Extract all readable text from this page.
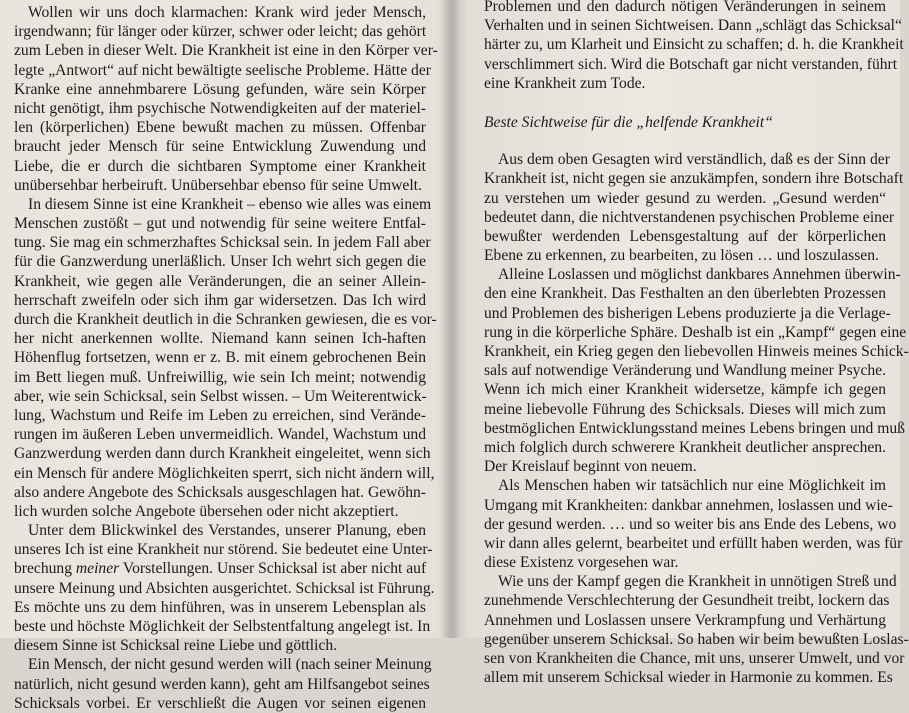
Wollen wir uns doch klarmachen: Krank wird jeder Mensch,
irgendwann; für länger oder kürzer, schwer oder leicht; das gehört
zum Leben in dieser Welt. Die Krankheit ist eine in den Körper ver-
legte „Antwort“ auf nicht bewältigte seelische Probleme. Hätte der
Kranke eine annehmbarere Lösung gefunden, wäre sein Körper
nicht genötigt, ihm psychische Notwendigkeiten auf der materiel-
len (körperlichen) Ebene bewußt machen zu müssen. Offenbar
braucht jeder Mensch für seine Entwicklung Zuwendung und
Liebe, die er durch die sichtbaren Symptome einer Krankheit
unübersehbar herbeiruft. Unübersehbar ebenso für seine Umwelt.
In diesem Sinne ist eine Krankheit – ebenso wie alles was einem
Menschen zustößt – gut und notwendig für seine weitere Entfal-
tung. Sie mag ein schmerzhaftes Schicksal sein. In jedem Fall aber
für die Ganzwerdung unerläßlich. Unser Ich wehrt sich gegen die
Krankheit, wie gegen alle Veränderungen, die an seiner Allein-
herrschaft zweifeln oder sich ihm gar widersetzen. Das Ich wird
durch die Krankheit deutlich in die Schranken gewiesen, die es vor-
her nicht anerkennen wollte. Niemand kann seinen Ich-haften
Höhenflug fortsetzen, wenn er z. B. mit einem gebrochenen Bein
im Bett liegen muß. Unfreiwillig, wie sein Ich meint; notwendig
aber, wie sein Schicksal, sein Selbst wissen. – Um Weiterentwick-
lung, Wachstum und Reife im Leben zu erreichen, sind Verände-
rungen im äußeren Leben unvermeidlich. Wandel, Wachstum und
Ganzwerdung werden dann durch Krankheit eingeleitet, wenn sich
ein Mensch für andere Möglichkeiten sperrt, sich nicht ändern will,
also andere Angebote des Schicksals ausgeschlagen hat. Gewöhn-
lich wurden solche Angebote übersehen oder nicht akzeptiert.
Unter dem Blickwinkel des Verstandes, unserer Planung, eben
unseres Ich ist eine Krankheit nur störend. Sie bedeutet eine Unter-
brechung meiner Vorstellungen. Unser Schicksal ist aber nicht auf
unsere Meinung und Absichten ausgerichtet. Schicksal ist Führung.
Es möchte uns zu dem hinführen, was in unserem Lebensplan als
beste und höchste Möglichkeit der Selbstentfaltung angelegt ist. In
diesem Sinne ist Schicksal reine Liebe und göttlich.
Ein Mensch, der nicht gesund werden will (nach seiner Meinung
natürlich, nicht gesund werden kann), geht am Hilfsangebot seines
Schicksals vorbei. Er verschließt die Augen vor seinen eigenen
Problemen und den dadurch nötigen Veränderungen in seinem
Verhalten und in seinen Sichtweisen. Dann „schlägt das Schicksal“
härter zu, um Klarheit und Einsicht zu schaffen; d. h. die Krankheit
verschlimmert sich. Wird die Botschaft gar nicht verstanden, führt
eine Krankheit zum Tode.
Beste Sichtweise für die „helfende Krankheit“
Aus dem oben Gesagten wird verständlich, daß es der Sinn der
Krankheit ist, nicht gegen sie anzukämpfen, sondern ihre Botschaft
zu verstehen um wieder gesund zu werden. „Gesund werden“
bedeutet dann, die nichtverstandenen psychischen Probleme einer
bewußter werdenden Lebensgestaltung auf der körperlichen
Ebene zu erkennen, zu bearbeiten, zu lösen … und loszulassen.
Alleine Loslassen und möglichst dankbares Annehmen überwin-
den eine Krankheit. Das Festhalten an den überlebten Prozessen
und Problemen des bisherigen Lebens produzierte ja die Verlage-
rung in die körperliche Sphäre. Deshalb ist ein „Kampf“ gegen eine
Krankheit, ein Krieg gegen den liebevollen Hinweis meines Schick-
sals auf notwendige Veränderung und Wandlung meiner Psyche.
Wenn ich mich einer Krankheit widersetze, kämpfe ich gegen
meine liebevolle Führung des Schicksals. Dieses will mich zum
bestmöglichen Entwicklungsstand meines Lebens bringen und muß
mich folglich durch schwerere Krankheit deutlicher ansprechen.
Der Kreislauf beginnt von neuem.
Als Menschen haben wir tatsächlich nur eine Möglichkeit im
Umgang mit Krankheiten: dankbar annehmen, loslassen und wie-
der gesund werden. … und so weiter bis ans Ende des Lebens, wo
wir dann alles gelernt, bearbeitet und erfüllt haben werden, was für
diese Existenz vorgesehen war.
Wie uns der Kampf gegen die Krankheit in unnötigen Streß und
zunehmende Verschlechterung der Gesundheit treibt, lockern das
Annehmen und Loslassen unsere Verkrampfung und Verhärtung
gegenüber unserem Schicksal. So haben wir beim bewußten Loslas-
sen von Krankheiten die Chance, mit uns, unserer Umwelt, und vor
allem mit unserem Schicksal wieder in Harmonie zu kommen. Es
